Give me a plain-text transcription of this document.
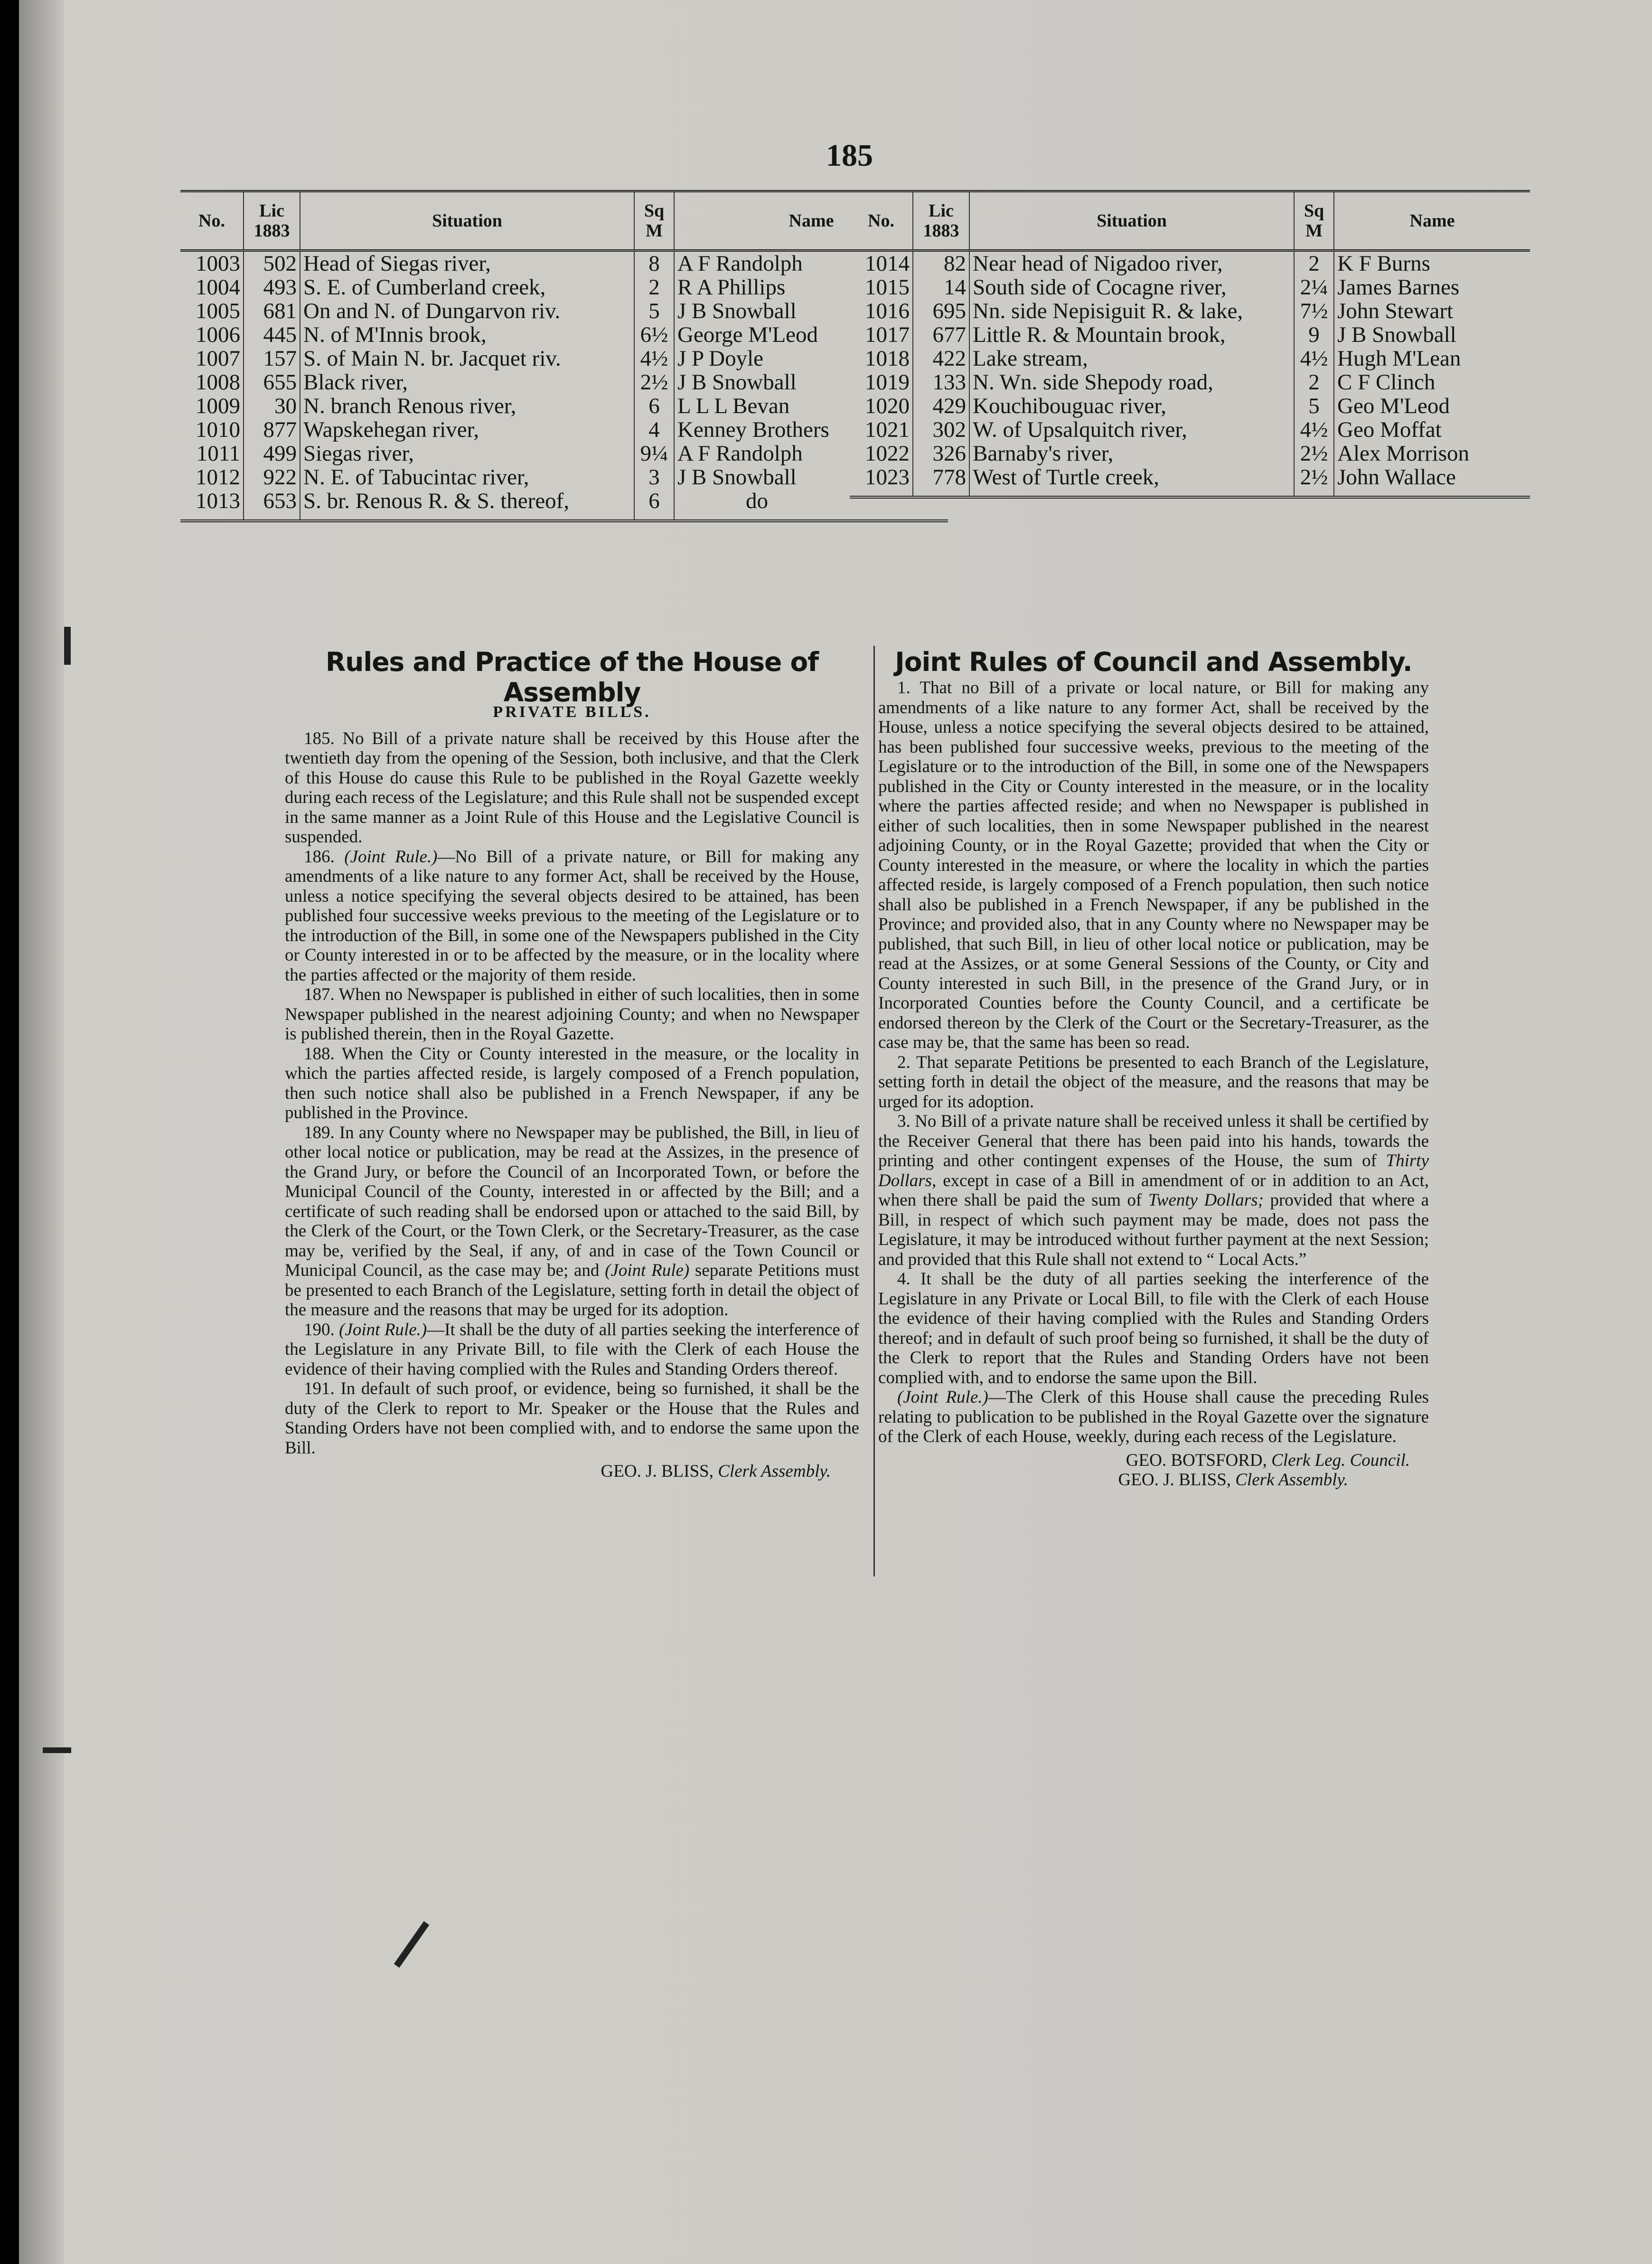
185
No.	Lic 1883	Situation	Sq M	Name
1003	502	Head of Siegas river,	8	A F Randolph
1004	493	S. E. of Cumberland creek,	2	R A Phillips
1005	681	On and N. of Dungarvon riv.	5	J B Snowball
1006	445	N. of M'Innis brook,	6½	George M'Leod
1007	157	S. of Main N. br. Jacquet riv.	4½	J P Doyle
1008	655	Black river,	2½	J B Snowball
1009	30	N. branch Renous river,	6	L L L Bevan
1010	877	Wapskehegan river,	4	Kenney Brothers
1011	499	Siegas river,	9¼	A F Randolph
1012	922	N. E. of Tabucintac river,	3	J B Snowball
1013	653	S. br. Renous R. & S. thereof,	6	do

No.	Lic 1883	Situation	Sq M	Name
1014	82	Near head of Nigadoo river,	2	K F Burns
1015	14	South side of Cocagne river,	2¼	James Barnes
1016	695	Nn. side Nepisiguit R. & lake,	7½	John Stewart
1017	677	Little R. & Mountain brook,	9	J B Snowball
1018	422	Lake stream,	4½	Hugh M'Lean
1019	133	N. Wn. side Shepody road,	2	C F Clinch
1020	429	Kouchibouguac river,	5	Geo M'Leod
1021	302	W. of Upsalquitch river,	4½	Geo Moffat
1022	326	Barnaby's river,	2½	Alex Morrison
1023	778	West of Turtle creek,	2½	John Wallace

Rules and Practice of the House of Assembly
PRIVATE BILLS.

185. No Bill of a private nature shall be received by this House after the twentieth day from the opening of the Session, both inclusive, and that the Clerk of this House do cause this Rule to be published in the Royal Gazette weekly during each recess of the Legislature; and this Rule shall not be suspended except in the same manner as a Joint Rule of this House and the Legislative Council is suspended.

186. (Joint Rule.)—No Bill of a private nature, or Bill for making any amendments of a like nature to any former Act, shall be received by the House, unless a notice specifying the several objects desired to be attained, has been published four successive weeks previous to the meeting of the Legislature or to the introduction of the Bill, in some one of the Newspapers published in the City or County interested in or to be affected by the measure, or in the locality where the parties affected or the majority of them reside.

187. When no Newspaper is published in either of such localities, then in some Newspaper published in the nearest adjoining County; and when no Newspaper is published therein, then in the Royal Gazette.

188. When the City or County interested in the measure, or the locality in which the parties affected reside, is largely composed of a French population, then such notice shall also be published in a French Newspaper, if any be published in the Province.

189. In any County where no Newspaper may be published, the Bill, in lieu of other local notice or publication, may be read at the Assizes, in the presence of the Grand Jury, or before the Council of an Incorporated Town, or before the Municipal Council of the County, interested in or affected by the Bill; and a certificate of such reading shall be endorsed upon or attached to the said Bill, by the Clerk of the Court, or the Town Clerk, or the Secretary-Treasurer, as the case may be, verified by the Seal, if any, of and in case of the Town Council or Municipal Council, as the case may be; and (Joint Rule) separate Petitions must be presented to each Branch of the Legislature, setting forth in detail the object of the measure and the reasons that may be urged for its adoption.

190. (Joint Rule.)—It shall be the duty of all parties seeking the interference of the Legislature in any Private Bill, to file with the Clerk of each House the evidence of their having complied with the Rules and Standing Orders thereof.

191. In default of such proof, or evidence, being so furnished, it shall be the duty of the Clerk to report to Mr. Speaker or the House that the Rules and Standing Orders have not been complied with, and to endorse the same upon the Bill.

GEO. J. BLISS, Clerk Assembly.
Joint Rules of Council and Assembly.

1. That no Bill of a private or local nature, or Bill for making any amendments of a like nature to any former Act, shall be received by the House, unless a notice specifying the several objects desired to be attained, has been published four successive weeks, previous to the meeting of the Legislature or to the introduction of the Bill, in some one of the Newspapers published in the City or County interested in the measure, or in the locality where the parties affected reside; and when no Newspaper is published in either of such localities, then in some Newspaper published in the nearest adjoining County, or in the Royal Gazette; provided that when the City or County interested in the measure, or where the locality in which the parties affected reside, is largely composed of a French population, then such notice shall also be published in a French Newspaper, if any be published in the Province; and provided also, that in any County where no Newspaper may be published, that such Bill, in lieu of other local notice or publication, may be read at the Assizes, or at some General Sessions of the County, or City and County interested in such Bill, in the presence of the Grand Jury, or in Incorporated Counties before the County Council, and a certificate be endorsed thereon by the Clerk of the Court or the Secretary-Treasurer, as the case may be, that the same has been so read.

2. That separate Petitions be presented to each Branch of the Legislature, setting forth in detail the object of the measure, and the reasons that may be urged for its adoption.

3. No Bill of a private nature shall be received unless it shall be certified by the Receiver General that there has been paid into his hands, towards the printing and other contingent expenses of the House, the sum of Thirty Dollars, except in case of a Bill in amendment of or in addition to an Act, when there shall be paid the sum of Twenty Dollars; provided that where a Bill, in respect of which such payment may be made, does not pass the Legislature, it may be introduced without further payment at the next Session; and provided that this Rule shall not extend to “ Local Acts.”

4. It shall be the duty of all parties seeking the interference of the Legislature in any Private or Local Bill, to file with the Clerk of each House the evidence of their having complied with the Rules and Standing Orders thereof; and in default of such proof being so furnished, it shall be the duty of the Clerk to report that the Rules and Standing Orders have not been complied with, and to endorse the same upon the Bill.

(Joint Rule.)—The Clerk of this House shall cause the preceding Rules relating to publication to be published in the Royal Gazette over the signature of the Clerk of each House, weekly, during each recess of the Legislature.

GEO. BOTSFORD, Clerk Leg. Council.
GEO. J. BLISS, Clerk Assembly.
